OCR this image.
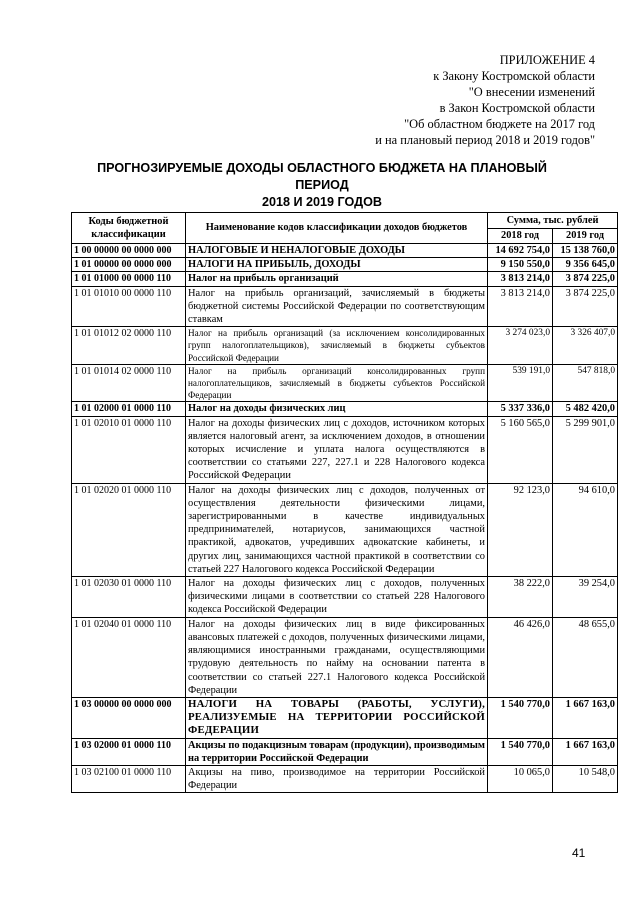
ПРИЛОЖЕНИЕ 4
к Закону Костромской области
"О внесении изменений
в Закон Костромской области
"Об областном бюджете на 2017 год
и на плановый период 2018 и 2019 годов"
ПРОГНОЗИРУЕМЫЕ ДОХОДЫ ОБЛАСТНОГО БЮДЖЕТА НА ПЛАНОВЫЙ ПЕРИОД
2018 И 2019 ГОДОВ
Коды бюджетной классификации	Наименование кодов классификации доходов бюджетов	Сумма, тыс. рублей	
		2018 год	2019 год
1 00 00000 00 0000 000	НАЛОГОВЫЕ И НЕНАЛОГОВЫЕ ДОХОДЫ	14 692 754,0	15 138 760,0
1 01 00000 00 0000 000	НАЛОГИ НА ПРИБЫЛЬ, ДОХОДЫ	9 150 550,0	9 356 645,0
1 01 01000 00 0000 110	Налог на прибыль организаций	3 813 214,0	3 874 225,0
1 01 01010 00 0000 110	Налог на прибыль организаций, зачисляемый в бюджеты бюджетной системы Российской Федерации по соответствующим ставкам	3 813 214,0	3 874 225,0
1 01 01012 02 0000 110	Налог на прибыль организаций (за исключением консолидированных групп налогоплательщиков), зачисляемый в бюджеты субъектов Российской Федерации	3 274 023,0	3 326 407,0
1 01 01014 02 0000 110	Налог на прибыль организаций консолидированных групп налогоплательщиков, зачисляемый в бюджеты субъектов Российской Федерации	539 191,0	547 818,0
1 01 02000 01 0000 110	Налог на доходы физических лиц	5 337 336,0	5 482 420,0
1 01 02010 01 0000 110	Налог на доходы физических лиц с доходов, источником которых является налоговый агент, за исключением доходов, в отношении которых исчисление и уплата налога осуществляются в соответствии со статьями 227, 227.1 и 228 Налогового кодекса Российской Федерации	5 160 565,0	5 299 901,0
1 01 02020 01 0000 110	Налог на доходы физических лиц с доходов, полученных от осуществления деятельности физическими лицами, зарегистрированными в качестве индивидуальных предпринимателей, нотариусов, занимающихся частной практикой, адвокатов, учредивших адвокатские кабинеты, и других лиц, занимающихся частной практикой в соответствии со статьей 227 Налогового кодекса Российской Федерации	92 123,0	94 610,0
1 01 02030 01 0000 110	Налог на доходы физических лиц с доходов, полученных физическими лицами в соответствии со статьей 228 Налогового кодекса Российской Федерации	38 222,0	39 254,0
1 01 02040 01 0000 110	Налог на доходы физических лиц в виде фиксированных авансовых платежей с доходов, полученных физическими лицами, являющимися иностранными гражданами, осуществляющими трудовую деятельность по найму на основании патента в соответствии со статьей 227.1 Налогового кодекса Российской Федерации	46 426,0	48 655,0
1 03 00000 00 0000 000	НАЛОГИ НА ТОВАРЫ (РАБОТЫ, УСЛУГИ), РЕАЛИЗУЕМЫЕ НА ТЕРРИТОРИИ РОССИЙСКОЙ ФЕДЕРАЦИИ	1 540 770,0	1 667 163,0
1 03 02000 01 0000 110	Акцизы по подакцизным товарам (продукции), производимым на территории Российской Федерации	1 540 770,0	1 667 163,0
1 03 02100 01 0000 110	Акцизы на пиво, производимое на территории Российской Федерации	10 065,0	10 548,0
41
